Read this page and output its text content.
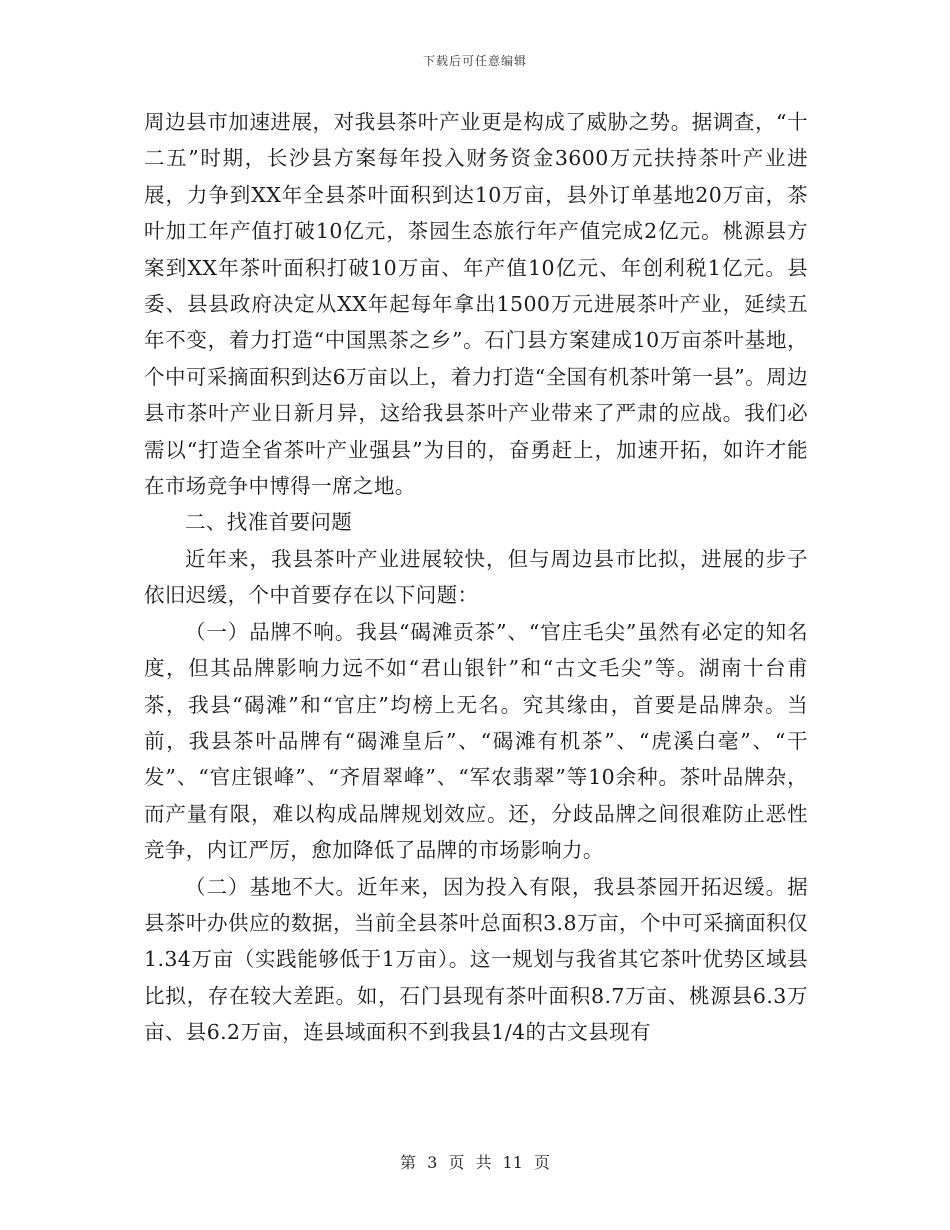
下载后可任意编辑

周边县市加速进展，对我县茶叶产业更是构成了威胁之势。据调查，“十二五”时期，长沙县方案每年投入财务资金3600万元扶持茶叶产业进展，力争到XX年全县茶叶面积到达10万亩，县外订单基地20万亩，茶叶加工年产值打破10亿元，茶园生态旅行年产值完成2亿元。桃源县方案到XX年茶叶面积打破10万亩、年产值10亿元、年创利税1亿元。县委、县县政府决定从XX年起每年拿出1500万元进展茶叶产业，延续五年不变，着力打造“中国黑茶之乡”。石门县方案建成10万亩茶叶基地，个中可采摘面积到达6万亩以上，着力打造“全国有机茶叶第一县”。周边县市茶叶产业日新月异，这给我县茶叶产业带来了严肃的应战。我们必需以“打造全省茶叶产业强县”为目的，奋勇赶上，加速开拓，如许才能在市场竞争中博得一席之地。

二、找准首要问题

近年来，我县茶叶产业进展较快，但与周边县市比拟，进展的步子依旧迟缓，个中首要存在以下问题：

（一）品牌不响。我县“碣滩贡茶”、“官庄毛尖”虽然有必定的知名度，但其品牌影响力远不如“君山银针”和“古文毛尖”等。湖南十台甫茶，我县“碣滩”和“官庄”均榜上无名。究其缘由，首要是品牌杂。当前，我县茶叶品牌有“碣滩皇后”、“碣滩有机茶”、“虎溪白毫”、“干发”、“官庄银峰”、“齐眉翠峰”、“军农翡翠”等10余种。茶叶品牌杂，而产量有限，难以构成品牌规划效应。还，分歧品牌之间很难防止恶性竞争，内讧严厉，愈加降低了品牌的市场影响力。

（二）基地不大。近年来，因为投入有限，我县茶园开拓迟缓。据县茶叶办供应的数据，当前全县茶叶总面积3.8万亩，个中可采摘面积仅1.34万亩（实践能够低于1万亩）。这一规划与我省其它茶叶优势区域县比拟，存在较大差距。如，石门县现有茶叶面积8.7万亩、桃源县6.3万亩、县6.2万亩，连县域面积不到我县1/4的古文县现有

第 3 页 共 11 页
